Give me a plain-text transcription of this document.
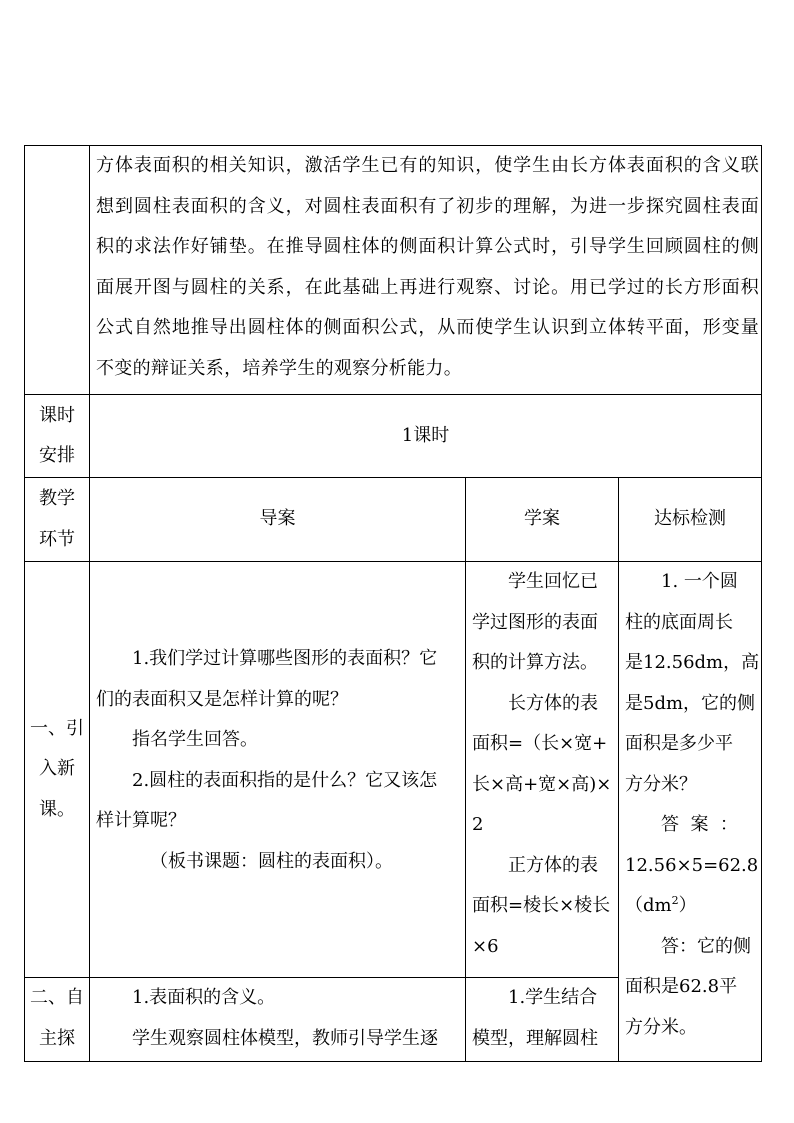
方体表面积的相关知识，激活学生已有的知识，使学生由长方体表面积的含义联

想到圆柱表面积的含义，对圆柱表面积有了初步的理解，为进一步探究圆柱表面

积的求法作好铺垫。在推导圆柱体的侧面积计算公式时，引导学生回顾圆柱的侧

面展开图与圆柱的关系，在此基础上再进行观察、讨论。用已学过的长方形面积

公式自然地推导出圆柱体的侧面积公式，从而使学生认识到立体转平面，形变量

不变的辩证关系，培养学生的观察分析能力。

课时

安排

1课时

教学

环节

导案	学案	达标检测

一、引

入新

课。

1.我们学过计算哪些图形的表面积？它

们的表面积又是怎样计算的呢？

指名学生回答。

2.圆柱的表面积指的是什么？它又该怎

样计算呢？

（板书课题：圆柱的表面积）。

学生回忆已

学过图形的表面

积的计算方法。

长方体的表

面积=（长×宽+

长×高+宽×高)×

2

正方体的表

面积=棱长×棱长

×6

1. 一个圆

柱的底面周长

是12.56dm，高

是5dm，它的侧

面积是多少平

方分米？

答  案  ：

12.56×5=62.8

$(dm^2)$

答：它的侧

面积是62.8平

方分米。

二、自

主探

1.表面积的含义。

学生观察圆柱体模型，教师引导学生逐

1.学生结合

模型，理解圆柱
